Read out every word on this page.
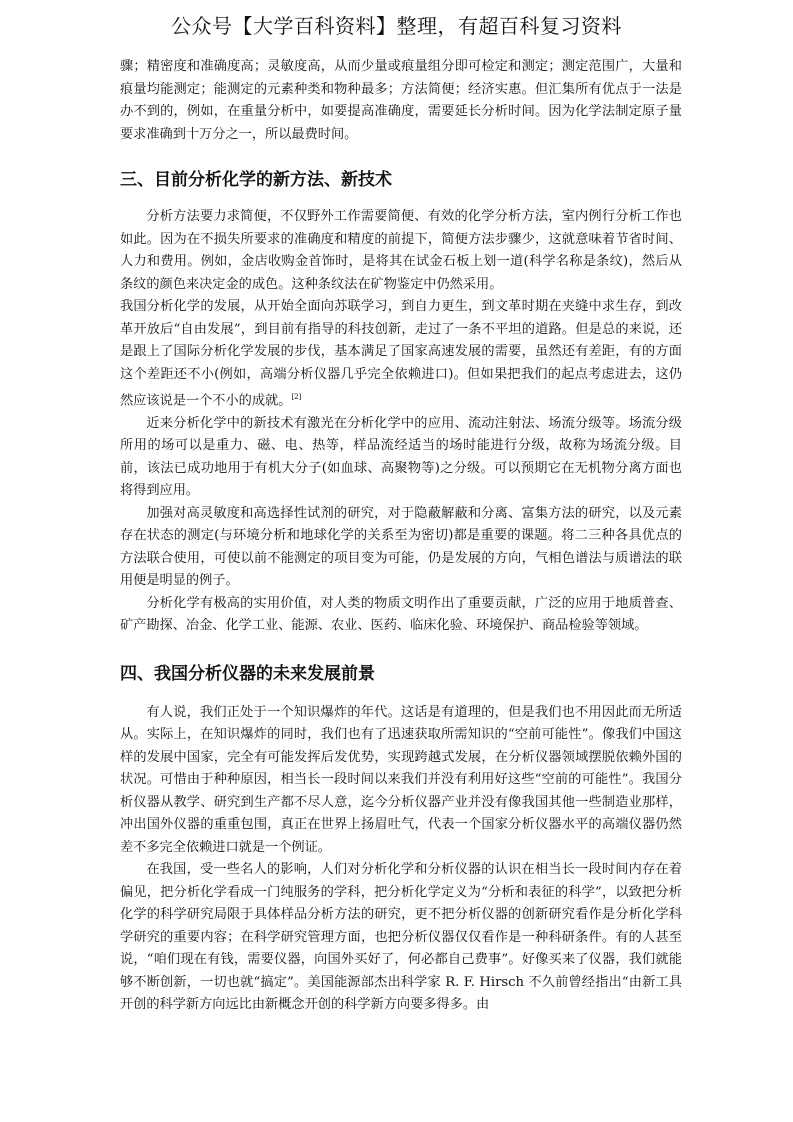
公众号【大学百科资料】整理，有超百科复习资料

骤；精密度和准确度高；灵敏度高，从而少量或痕量组分即可检定和测定；测定范围广，大量和痕量均能测定；能测定的元素种类和物种最多；方法简便；经济实惠。但汇集所有优点于一法是办不到的，例如，在重量分析中，如要提高准确度，需要延长分析时间。因为化学法制定原子量要求准确到十万分之一，所以最费时间。

三、目前分析化学的新方法、新技术

分析方法要力求简便，不仅野外工作需要简便、有效的化学分析方法，室内例行分析工作也如此。因为在不损失所要求的准确度和精度的前提下，简便方法步骤少，这就意味着节省时间、人力和费用。例如，金店收购金首饰时，是将其在试金石板上划一道(科学名称是条纹)，然后从条纹的颜色来决定金的成色。这种条纹法在矿物鉴定中仍然采用。

我国分析化学的发展，从开始全面向苏联学习，到自力更生，到文革时期在夹缝中求生存，到改革开放后“自由发展”，到目前有指导的科技创新，走过了一条不平坦的道路。但是总的来说，还是跟上了国际分析化学发展的步伐，基本满足了国家高速发展的需要，虽然还有差距，有的方面这个差距还不小(例如，高端分析仪器几乎完全依赖进口)。但如果把我们的起点考虑进去，这仍然应该说是一个不小的成就。[2]

近来分析化学中的新技术有激光在分析化学中的应用、流动注射法、场流分级等。场流分级所用的场可以是重力、磁、电、热等，样品流经适当的场时能进行分级，故称为场流分级。目前，该法已成功地用于有机大分子(如血球、高聚物等)之分级。可以预期它在无机物分离方面也将得到应用。

加强对高灵敏度和高选择性试剂的研究，对于隐蔽解蔽和分离、富集方法的研究，以及元素存在状态的测定(与环境分析和地球化学的关系至为密切)都是重要的课题。将二三种各具优点的方法联合使用，可使以前不能测定的项目变为可能，仍是发展的方向，气相色谱法与质谱法的联用便是明显的例子。

分析化学有极高的实用价值，对人类的物质文明作出了重要贡献，广泛的应用于地质普查、矿产勘探、冶金、化学工业、能源、农业、医药、临床化验、环境保护、商品检验等领域。

四、我国分析仪器的未来发展前景

有人说，我们正处于一个知识爆炸的年代。这话是有道理的，但是我们也不用因此而无所适从。实际上，在知识爆炸的同时，我们也有了迅速获取所需知识的“空前可能性”。像我们中国这样的发展中国家，完全有可能发挥后发优势，实现跨越式发展，在分析仪器领域摆脱依赖外国的状况。可惜由于种种原因，相当长一段时间以来我们并没有利用好这些“空前的可能性”。我国分析仪器从教学、研究到生产都不尽人意，迄今分析仪器产业并没有像我国其他一些制造业那样，冲出国外仪器的重重包围，真正在世界上扬眉吐气，代表一个国家分析仪器水平的高端仪器仍然差不多完全依赖进口就是一个例证。

在我国，受一些名人的影响，人们对分析化学和分析仪器的认识在相当长一段时间内存在着偏见，把分析化学看成一门纯服务的学科，把分析化学定义为“分析和表征的科学”，以致把分析化学的科学研究局限于具体样品分析方法的研究，更不把分析仪器的创新研究看作是分析化学科学研究的重要内容；在科学研究管理方面，也把分析仪器仅仅看作是一种科研条件。有的人甚至说，“咱们现在有钱，需要仪器，向国外买好了，何必都自己费事”。好像买来了仪器，我们就能够不断创新，一切也就“搞定”。美国能源部杰出科学家 R. F. Hirsch 不久前曾经指出“由新工具开创的科学新方向远比由新概念开创的科学新方向要多得多。由
